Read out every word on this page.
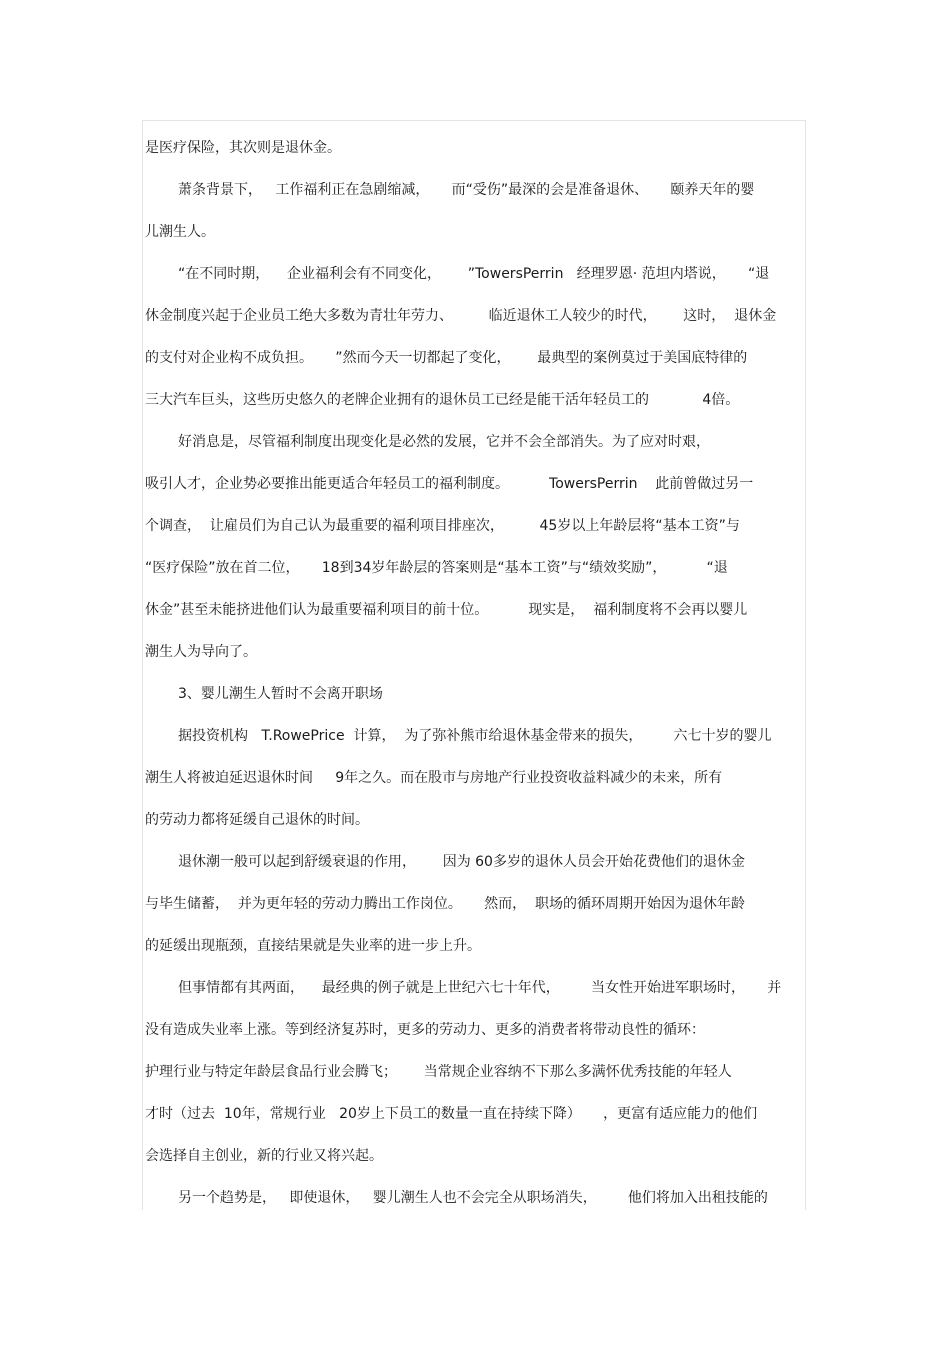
是医疗保险，其次则是退休金。
萧条背景下，   工作福利正在急剧缩减，     而“受伤”最深的会是准备退休、     颐养天年的婴
儿潮生人。
“在不同时期，    企业福利会有不同变化，      ”TowersPerrin   经理罗恩· 范坦内塔说，     “退
休金制度兴起于企业员工绝大多数为青壮年劳力、        临近退休工人较少的时代，      这时，  退休金
的支付对企业构不成负担。     ”然而今天一切都起了变化，      最典型的案例莫过于美国底特律的
三大汽车巨头，这些历史悠久的老牌企业拥有的退休员工已经是能干活年轻员工的            4倍。
好消息是，尽管福利制度出现变化是必然的发展，它并不会全部消失。为了应对时艰，
吸引人才，企业势必要推出能更适合年轻员工的福利制度。         TowersPerrin    此前曾做过另一
个调查，  让雇员们为自己认为最重要的福利项目排座次，        45岁以上年龄层将“基本工资”与
“医疗保险”放在首二位，     18到34岁年龄层的答案则是“基本工资”与“绩效奖励”，         “退
休金”甚至未能挤进他们认为最重要福利项目的前十位。         现实是，  福利制度将不会再以婴儿
潮生人为导向了。
3、婴儿潮生人暂时不会离开职场
据投资机构   T.RowePrice  计算，  为了弥补熊市给退休基金带来的损失，       六七十岁的婴儿
潮生人将被迫延迟退休时间     9年之久。而在股市与房地产行业投资收益料减少的未来，所有
的劳动力都将延缓自己退休的时间。
退休潮一般可以起到舒缓衰退的作用，      因为 60多岁的退休人员会开始花费他们的退休金
与毕生储蓄，  并为更年轻的劳动力腾出工作岗位。     然而，  职场的循环周期开始因为退休年龄
的延缓出现瓶颈，直接结果就是失业率的进一步上升。
但事情都有其两面，    最经典的例子就是上世纪六七十年代，       当女性开始进军职场时，     并
没有造成失业率上涨。等到经济复苏时，更多的劳动力、更多的消费者将带动良性的循环：
护理行业与特定年龄层食品行业会腾飞；      当常规企业容纳不下那么多满怀优秀技能的年轻人
才时（过去  10年，常规行业   20岁上下员工的数量一直在持续下降）     ，更富有适应能力的他们
会选择自主创业，新的行业又将兴起。
另一个趋势是，   即使退休，   婴儿潮生人也不会完全从职场消失，       他们将加入出租技能的
